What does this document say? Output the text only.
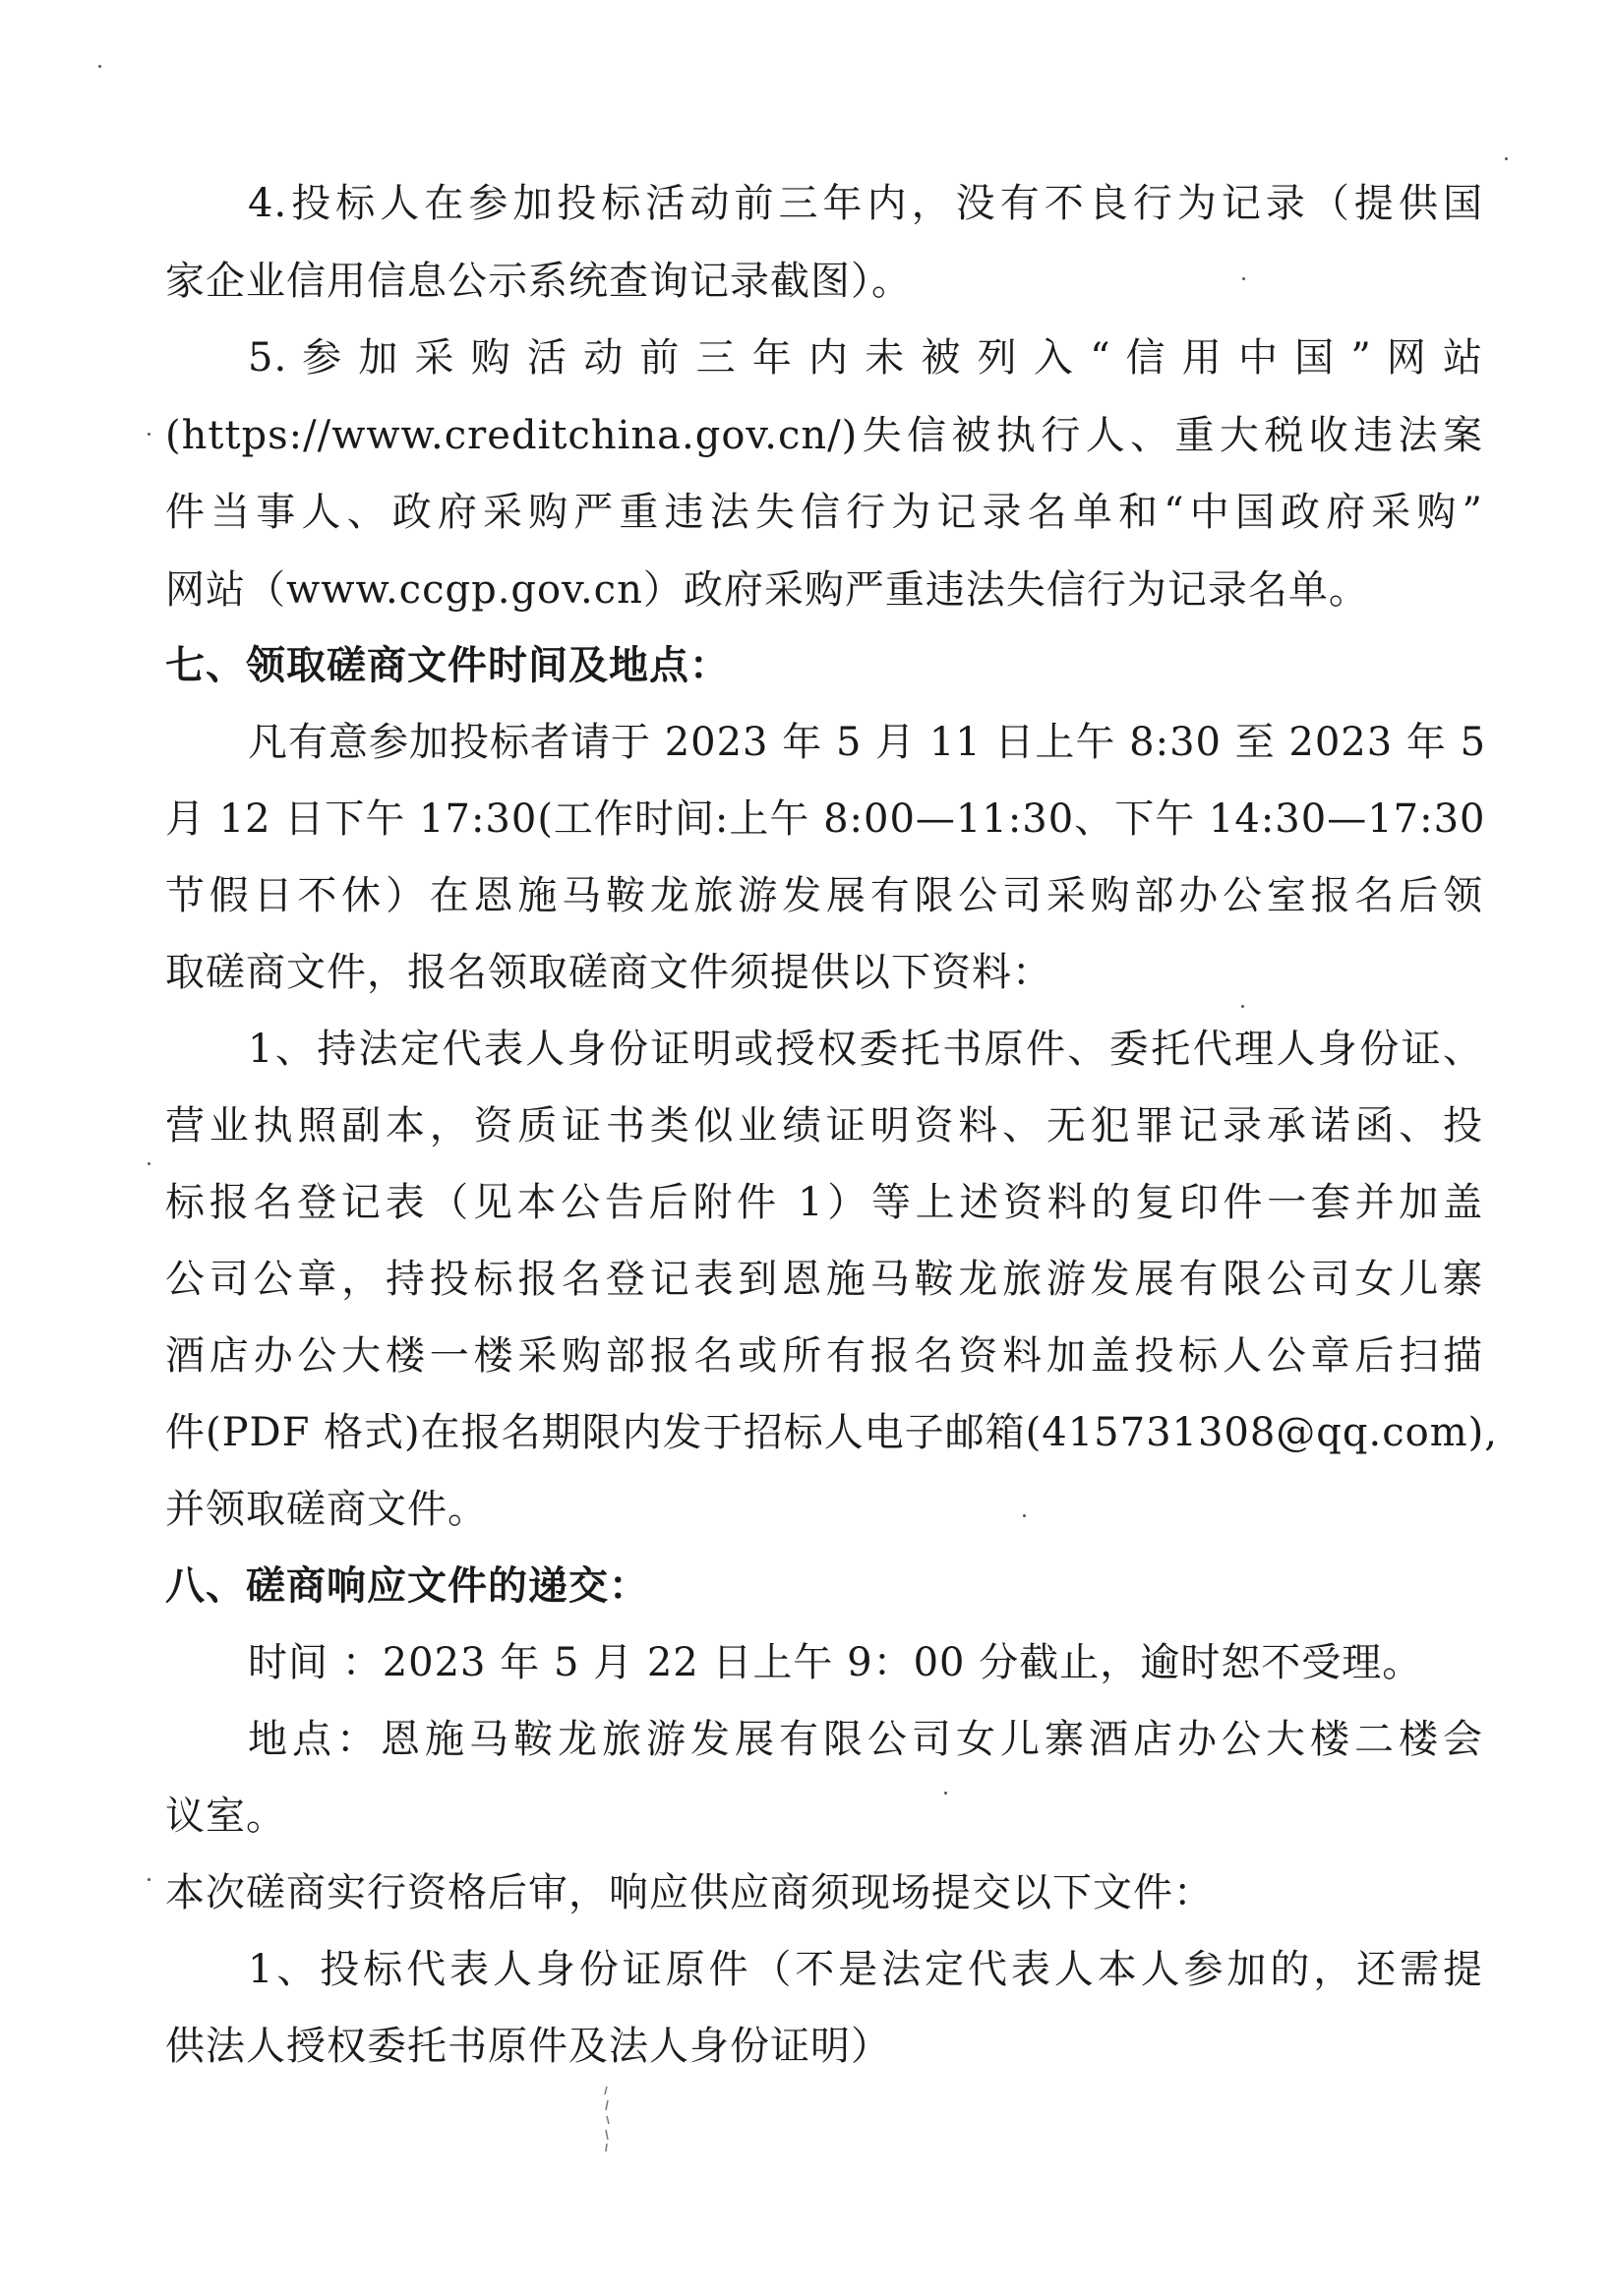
4.投标人在参加投标活动前三年内，没有不良行为记录（提供国
家企业信用信息公示系统查询记录截图）。
5. 参 加 采 购 活 动 前 三 年 内 未 被 列 入 “ 信 用 中 国 ” 网 站
(https://www.creditchina.gov.cn/)失信被执行人、重大税收违法案
件当事人、政府采购严重违法失信行为记录名单和“中国政府采购”
网站（www.ccgp.gov.cn）政府采购严重违法失信行为记录名单。
七、领取磋商文件时间及地点：
凡有意参加投标者请于 2023 年 5 月 11 日上午 8:30 至 2023 年 5
月 12 日下午 17:30(工作时间:上午 8:00—11:30、下午 14:30—17:30
节假日不休）在恩施马鞍龙旅游发展有限公司采购部办公室报名后领
取磋商文件，报名领取磋商文件须提供以下资料：
1、持法定代表人身份证明或授权委托书原件、委托代理人身份证、
营业执照副本，资质证书类似业绩证明资料、无犯罪记录承诺函、投
标报名登记表（见本公告后附件 1）等上述资料的复印件一套并加盖
公司公章，持投标报名登记表到恩施马鞍龙旅游发展有限公司女儿寨
酒店办公大楼一楼采购部报名或所有报名资料加盖投标人公章后扫描
件(PDF 格式)在报名期限内发于招标人电子邮箱(415731308@qq.com),
并领取磋商文件。
八、磋商响应文件的递交：
时间 ：2023 年 5 月 22 日上午 9：00 分截止，逾时恕不受理。
地点：恩施马鞍龙旅游发展有限公司女儿寨酒店办公大楼二楼会
议室。
本次磋商实行资格后审，响应供应商须现场提交以下文件：
1、投标代表人身份证原件（不是法定代表人本人参加的，还需提
供法人授权委托书原件及法人身份证明）
